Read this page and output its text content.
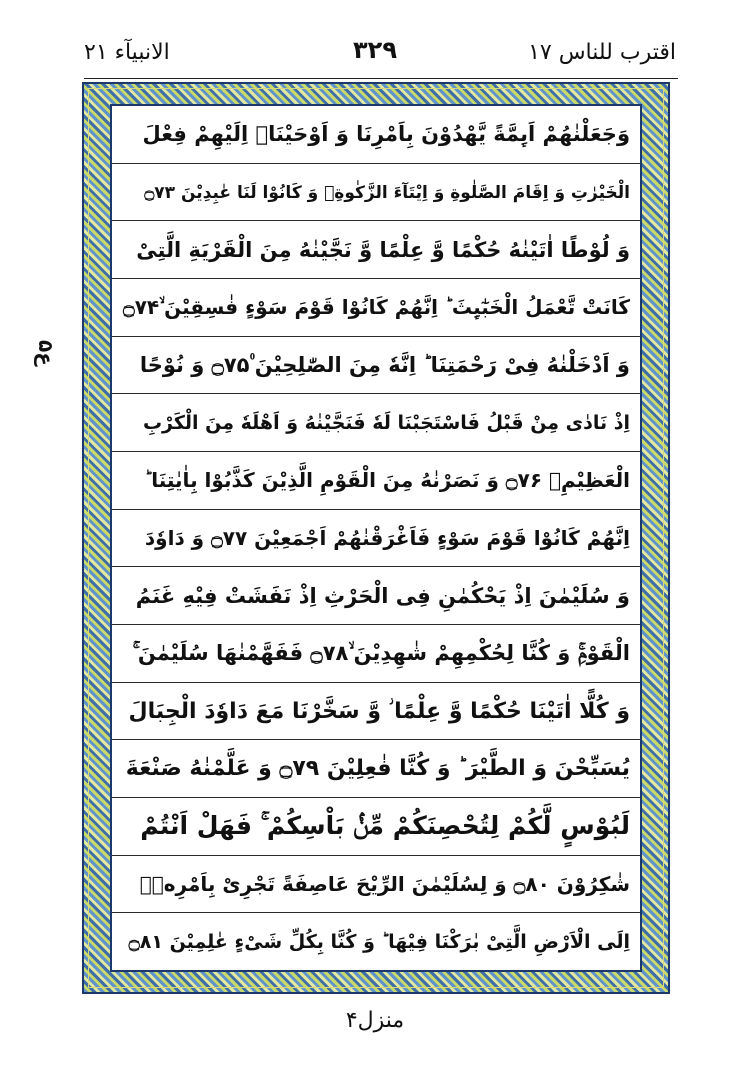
الانبیآء ۲۱	۳۲۹	اقترب للناس ۱۷
ع۵
وَجَعَلْنٰهُمْ اَىِٕمَّةً يَّهْدُوْنَ بِاَمْرِنَا وَ اَوْحَيْنَاۤ اِلَيْهِمْ فِعْلَ
الْخَيْرٰتِ وَ اِقَامَ الصَّلٰوةِ وَ اِيْتَآءَ الزَّكٰوةِۚ وَ كَانُوْا لَنَا عٰبِدِيْنَ ۝۷۳
وَ لُوْطًا اٰتَيْنٰهُ حُكْمًا وَّ عِلْمًا وَّ نَجَّيْنٰهُ مِنَ الْقَرْيَةِ الَّتِیْ
كَانَتْ تَّعْمَلُ الْخَبٰٓىِٕثَ ؕ اِنَّهُمْ كَانُوْا قَوْمَ سَوْءٍ فٰسِقِيْنَ ۙ۝۷۴
وَ اَدْخَلْنٰهُ فِیْ رَحْمَتِنَا ؕ اِنَّهٗ مِنَ الصّٰلِحِيْنَ ۠۝۷۵ وَ نُوْحًا
اِذْ نَادٰى مِنْ قَبْلُ فَاسْتَجَبْنَا لَهٗ فَنَجَّيْنٰهُ وَ اَهْلَهٗ مِنَ الْكَرْبِ
الْعَظِيْمِۚ ۝۷۶ وَ نَصَرْنٰهُ مِنَ الْقَوْمِ الَّذِيْنَ كَذَّبُوْا بِاٰيٰتِنَا ؕ
اِنَّهُمْ كَانُوْا قَوْمَ سَوْءٍ فَاَغْرَقْنٰهُمْ اَجْمَعِيْنَ ۝۷۷ وَ دَاوٗدَ
وَ سُلَيْمٰنَ اِذْ يَحْكُمٰنِ فِی الْحَرْثِ اِذْ نَفَشَتْ فِيْهِ غَنَمُ
الْقَوْمِۚ وَ كُنَّا لِحُكْمِهِمْ شٰهِدِيْنَ ۙ۝۷۸ فَفَهَّمْنٰهَا سُلَيْمٰنَ ۚ
وَ كُلًّا اٰتَيْنَا حُكْمًا وَّ عِلْمًا ؗ وَّ سَخَّرْنَا مَعَ دَاوٗدَ الْجِبَالَ
يُسَبِّحْنَ وَ الطَّيْرَ ؕ وَ كُنَّا فٰعِلِيْنَ ۝۷۹ وَ عَلَّمْنٰهُ صَنْعَةَ
لَبُوْسٍ لَّكُمْ لِتُحْصِنَكُمْ مِّنْۢ بَاْسِكُمْ ۚ فَهَلْ اَنْتُمْ
شٰكِرُوْنَ ۝۸۰ وَ لِسُلَيْمٰنَ الرِّيْحَ عَاصِفَةً تَجْرِیْ بِاَمْرِهٖۤ
اِلَى الْاَرْضِ الَّتِیْ بٰرَكْنَا فِيْهَا ؕ وَ كُنَّا بِكُلِّ شَیْءٍ عٰلِمِيْنَ ۝۸۱
منزل۴
